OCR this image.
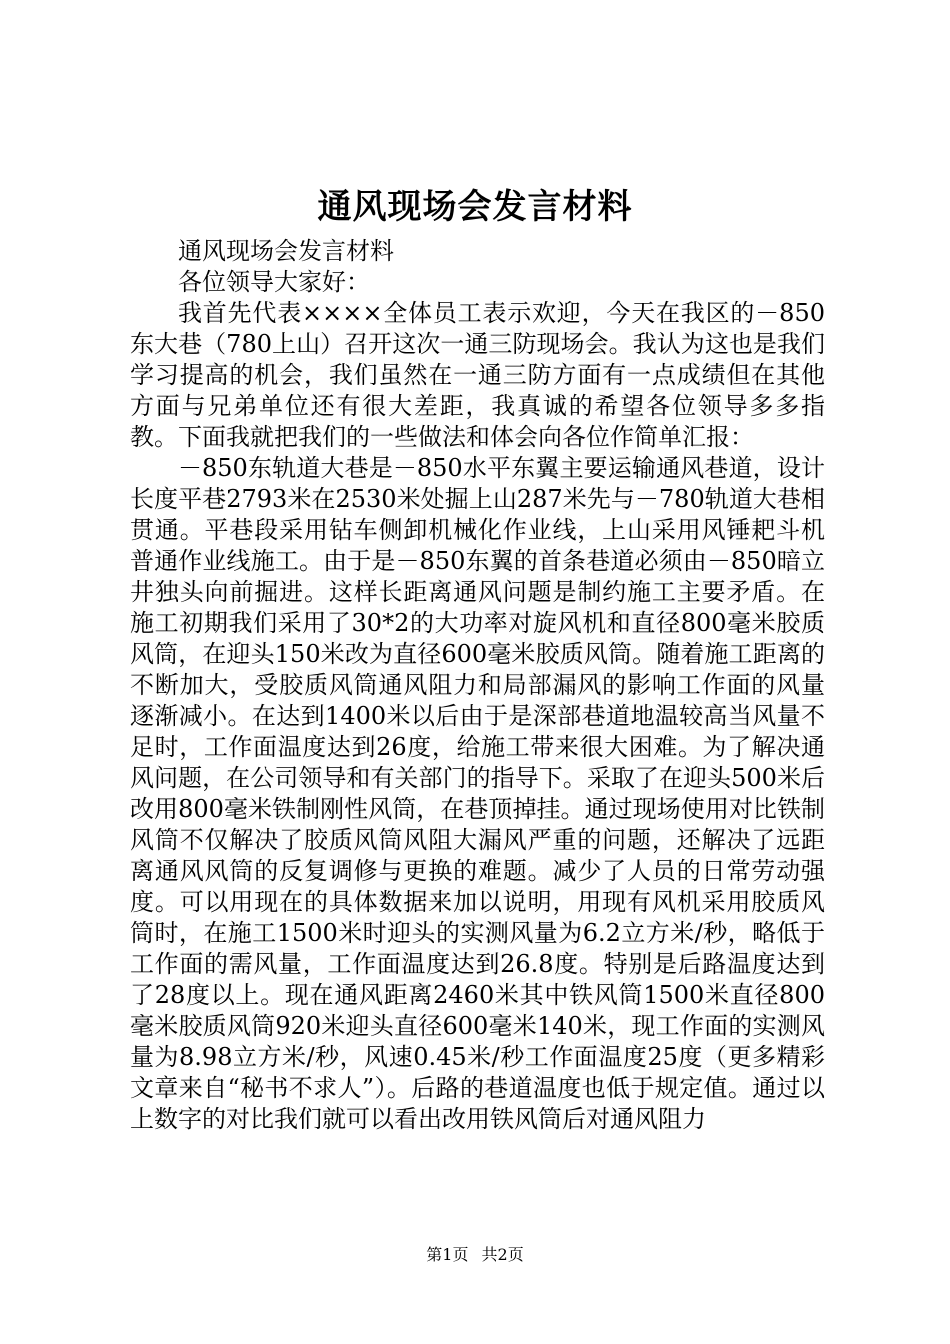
通风现场会发言材料

通风现场会发言材料

各位领导大家好：

我首先代表××××全体员工表示欢迎，今天在我区的－850东大巷（780上山）召开这次一通三防现场会。我认为这也是我们学习提高的机会，我们虽然在一通三防方面有一点成绩但在其他方面与兄弟单位还有很大差距，我真诚的希望各位领导多多指教。下面我就把我们的一些做法和体会向各位作简单汇报：

－850东轨道大巷是－850水平东翼主要运输通风巷道，设计长度平巷2793米在2530米处掘上山287米先与－780轨道大巷相贯通。平巷段采用钻车侧卸机械化作业线，上山采用风锤耙斗机普通作业线施工。由于是－850东翼的首条巷道必须由－850暗立井独头向前掘进。这样长距离通风问题是制约施工主要矛盾。在施工初期我们采用了30*2的大功率对旋风机和直径800毫米胶质风筒，在迎头150米改为直径600毫米胶质风筒。随着施工距离的不断加大，受胶质风筒通风阻力和局部漏风的影响工作面的风量逐渐减小。在达到1400米以后由于是深部巷道地温较高当风量不足时，工作面温度达到26度，给施工带来很大困难。为了解决通风问题，在公司领导和有关部门的指导下。采取了在迎头500米后改用800毫米铁制刚性风筒，在巷顶掉挂。通过现场使用对比铁制风筒不仅解决了胶质风筒风阻大漏风严重的问题，还解决了远距离通风风筒的反复调修与更换的难题。减少了人员的日常劳动强度。可以用现在的具体数据来加以说明，用现有风机采用胶质风筒时，在施工1500米时迎头的实测风量为6.2立方米/秒，略低于工作面的需风量，工作面温度达到26.8度。特别是后路温度达到了28度以上。现在通风距离2460米其中铁风筒1500米直径800毫米胶质风筒920米迎头直径600毫米140米，现工作面的实测风量为8.98立方米/秒，风速0.45米/秒工作面温度25度（更多精彩文章来自“秘书不求人”）。后路的巷道温度也低于规定值。通过以上数字的对比我们就可以看出改用铁风筒后对通风阻力

第1页 共2页
